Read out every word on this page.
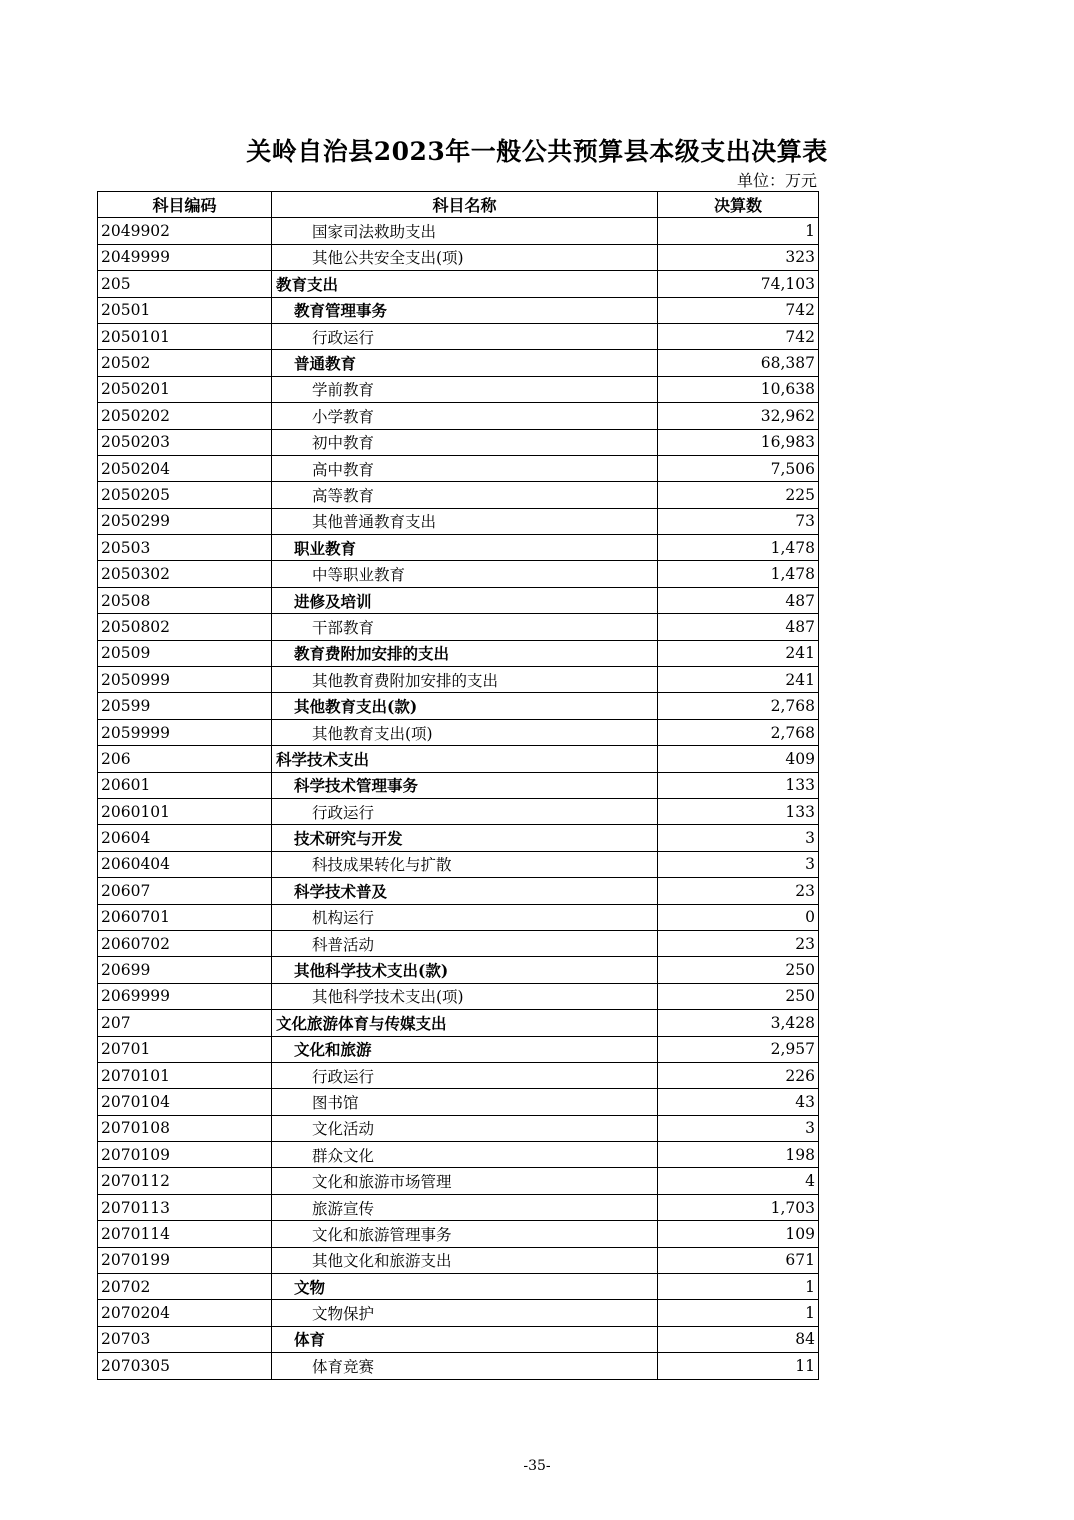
关岭自治县2023年一般公共预算县本级支出决算表
单位：万元
科目编码	科目名称	决算数
2049902	国家司法救助支出	1
2049999	其他公共安全支出(项)	323
205	教育支出	74,103
20501	教育管理事务	742
2050101	行政运行	742
20502	普通教育	68,387
2050201	学前教育	10,638
2050202	小学教育	32,962
2050203	初中教育	16,983
2050204	高中教育	7,506
2050205	高等教育	225
2050299	其他普通教育支出	73
20503	职业教育	1,478
2050302	中等职业教育	1,478
20508	进修及培训	487
2050802	干部教育	487
20509	教育费附加安排的支出	241
2050999	其他教育费附加安排的支出	241
20599	其他教育支出(款)	2,768
2059999	其他教育支出(项)	2,768
206	科学技术支出	409
20601	科学技术管理事务	133
2060101	行政运行	133
20604	技术研究与开发	3
2060404	科技成果转化与扩散	3
20607	科学技术普及	23
2060701	机构运行	0
2060702	科普活动	23
20699	其他科学技术支出(款)	250
2069999	其他科学技术支出(项)	250
207	文化旅游体育与传媒支出	3,428
20701	文化和旅游	2,957
2070101	行政运行	226
2070104	图书馆	43
2070108	文化活动	3
2070109	群众文化	198
2070112	文化和旅游市场管理	4
2070113	旅游宣传	1,703
2070114	文化和旅游管理事务	109
2070199	其他文化和旅游支出	671
20702	文物	1
2070204	文物保护	1
20703	体育	84
2070305	体育竞赛	11
-35-
